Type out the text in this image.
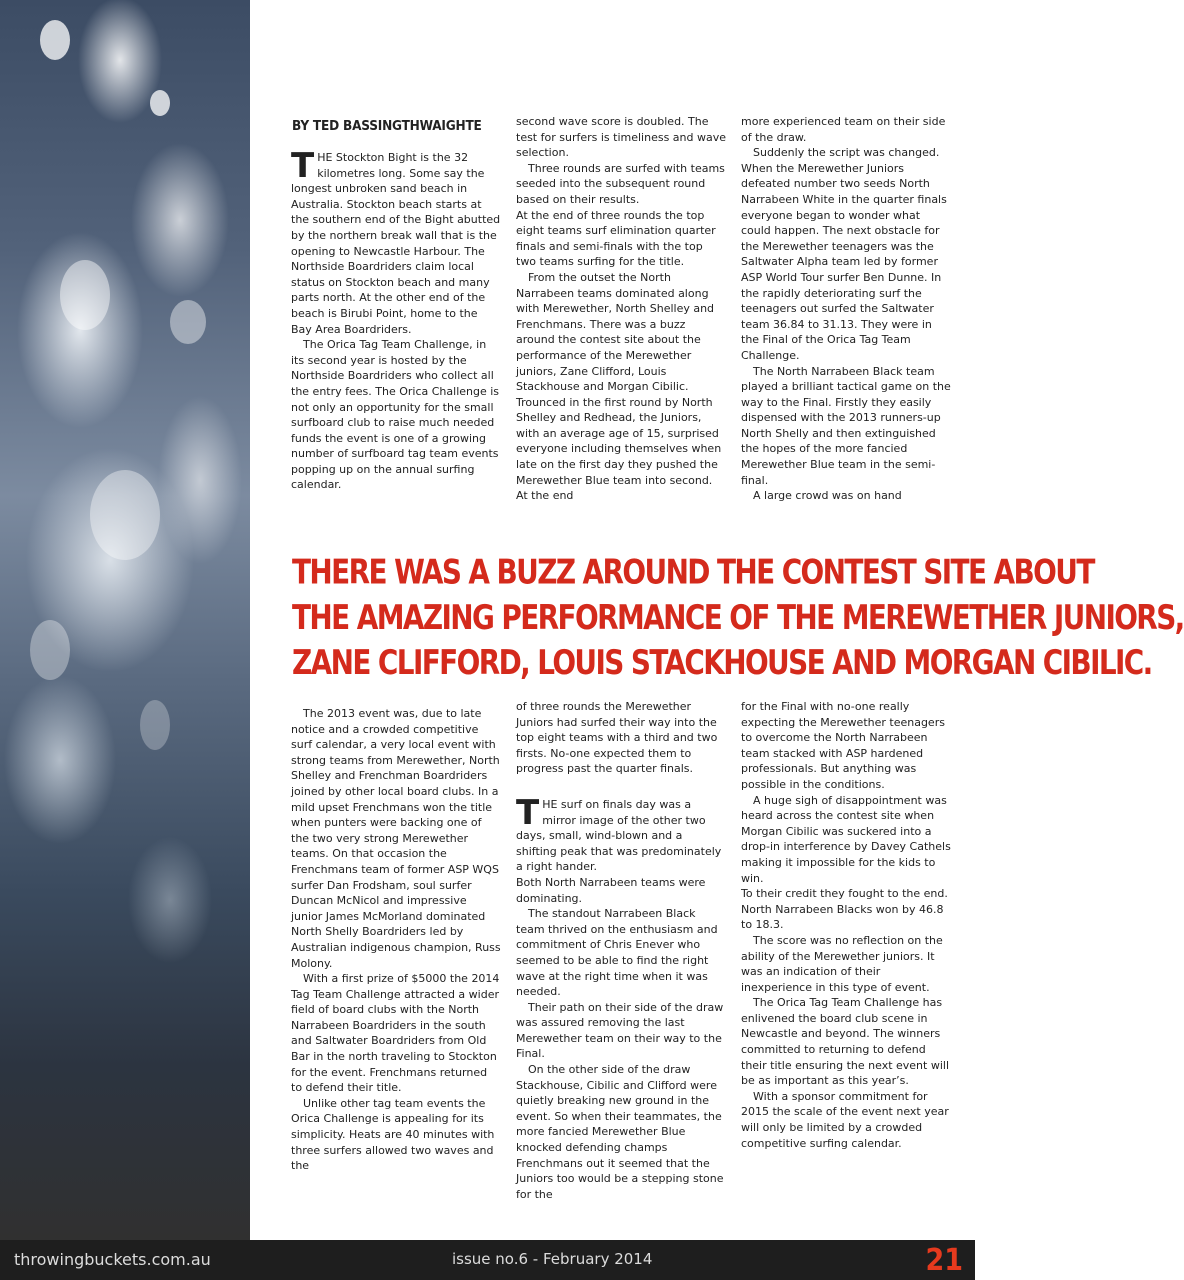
BY TED BASSINGTHWAIGHTE

THE Stockton Bight is the 32 kilometres long. Some say the longest unbroken sand beach in Australia. Stockton beach starts at the southern end of the Bight abutted by the northern break wall that is the opening to Newcastle Harbour. The Northside Boardriders claim local status on Stockton beach and many parts north. At the other end of the beach is Birubi Point, home to the Bay Area Boardriders.

The Orica Tag Team Challenge, in its second year is hosted by the Northside Boardriders who collect all the entry fees. The Orica Challenge is not only an opportunity for the small surfboard club to raise much needed funds the event is one of a growing number of surfboard tag team events popping up on the annual surfing calendar.

second wave score is doubled. The test for surfers is timeliness and wave selection.

Three rounds are surfed with teams seeded into the subsequent round based on their results.

At the end of three rounds the top eight teams surf elimination quarter finals and semi-finals with the top two teams surfing for the title.

From the outset the North Narrabeen teams dominated along with Merewether, North Shelley and Frenchmans. There was a buzz around the contest site about the performance of the Merewether juniors, Zane Clifford, Louis Stackhouse and Morgan Cibilic. Trounced in the first round by North Shelley and Redhead, the Juniors, with an average age of 15, surprised everyone including themselves when late on the first day they pushed the Merewether Blue team into second. At the end

more experienced team on their side of the draw.

Suddenly the script was changed. When the Merewether Juniors defeated number two seeds North Narrabeen White in the quarter finals everyone began to wonder what could happen. The next obstacle for the Merewether teenagers was the Saltwater Alpha team led by former ASP World Tour surfer Ben Dunne. In the rapidly deteriorating surf the teenagers out surfed the Saltwater team 36.84 to 31.13. They were in the Final of the Orica Tag Team Challenge.

The North Narrabeen Black team played a brilliant tactical game on the way to the Final. Firstly they easily dispensed with the 2013 runners-up North Shelly and then extinguished the hopes of the more fancied Merewether Blue team in the semi-final.

A large crowd was on hand

THERE WAS A BUZZ AROUND THE CONTEST SITE ABOUT
THE AMAZING PERFORMANCE OF THE MEREWETHER JUNIORS,
ZANE CLIFFORD, LOUIS STACKHOUSE AND MORGAN CIBILIC.

The 2013 event was, due to late notice and a crowded competitive surf calendar, a very local event with strong teams from Merewether, North Shelley and Frenchman Boardriders joined by other local board clubs. In a mild upset Frenchmans won the title when punters were backing one of the two very strong Merewether teams. On that occasion the Frenchmans team of former ASP WQS surfer Dan Frodsham, soul surfer Duncan McNicol and impressive junior James McMorland dominated North Shelly Boardriders led by Australian indigenous champion, Russ Molony.

With a first prize of $5000 the 2014 Tag Team Challenge attracted a wider field of board clubs with the North Narrabeen Boardriders in the south and Saltwater Boardriders from Old Bar in the north traveling to Stockton for the event. Frenchmans returned to defend their title.

Unlike other tag team events the Orica Challenge is appealing for its simplicity. Heats are 40 minutes with three surfers allowed two waves and the

of three rounds the Merewether Juniors had surfed their way into the top eight teams with a third and two firsts. No-one expected them to progress past the quarter finals.

THE surf on finals day was a mirror image of the other two days, small, wind-blown and a shifting peak that was predominately a right hander.

Both North Narrabeen teams were dominating.

The standout Narrabeen Black team thrived on the enthusiasm and commitment of Chris Enever who seemed to be able to find the right wave at the right time when it was needed.

Their path on their side of the draw was assured removing the last Merewether team on their way to the Final.

On the other side of the draw Stackhouse, Cibilic and Clifford were quietly breaking new ground in the event. So when their teammates, the more fancied Merewether Blue knocked defending champs Frenchmans out it seemed that the Juniors too would be a stepping stone for the

for the Final with no-one really expecting the Merewether teenagers to overcome the North Narrabeen team stacked with ASP hardened professionals. But anything was possible in the conditions.

A huge sigh of disappointment was heard across the contest site when Morgan Cibilic was suckered into a drop-in interference by Davey Cathels making it impossible for the kids to win.

To their credit they fought to the end. North Narrabeen Blacks won by 46.8 to 18.3.

The score was no reflection on the ability of the Merewether juniors. It was an indication of their inexperience in this type of event.

The Orica Tag Team Challenge has enlivened the board club scene in Newcastle and beyond. The winners committed to returning to defend their title ensuring the next event will be as important as this year’s.

With a sponsor commitment for 2015 the scale of the event next year will only be limited by a crowded competitive surfing calendar.

throwingbuckets.com.au	issue no.6 - February 2014	21
